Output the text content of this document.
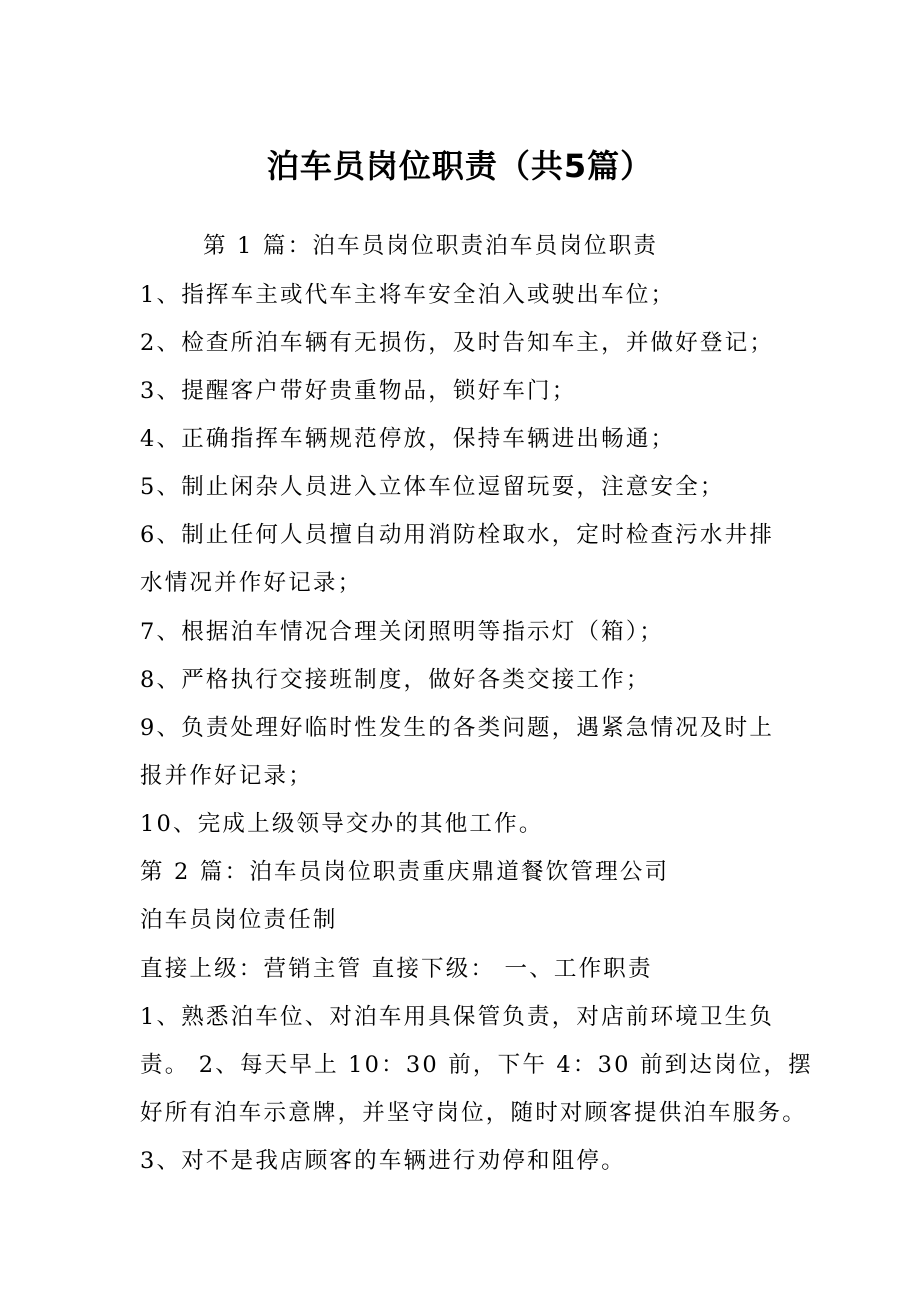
泊车员岗位职责（共5篇）
第 1 篇：泊车员岗位职责泊车员岗位职责
1、指挥车主或代车主将车安全泊入或驶出车位；
2、检查所泊车辆有无损伤，及时告知车主，并做好登记；
3、提醒客户带好贵重物品，锁好车门；
4、正确指挥车辆规范停放，保持车辆进出畅通；
5、制止闲杂人员进入立体车位逗留玩耍，注意安全；
6、制止任何人员擅自动用消防栓取水，定时检查污水井排
水情况并作好记录；
7、根据泊车情况合理关闭照明等指示灯（箱）；
8、严格执行交接班制度，做好各类交接工作；
9、负责处理好临时性发生的各类问题，遇紧急情况及时上
报并作好记录；
10、完成上级领导交办的其他工作。
第 2 篇：泊车员岗位职责重庆鼎道餐饮管理公司
泊车员岗位责任制
直接上级：营销主管 直接下级： 一、工作职责
1、熟悉泊车位、对泊车用具保管负责，对店前环境卫生负
责。 2、每天早上 10：30 前，下午 4：30 前到达岗位，摆
好所有泊车示意牌，并坚守岗位，随时对顾客提供泊车服务。
3、对不是我店顾客的车辆进行劝停和阻停。
